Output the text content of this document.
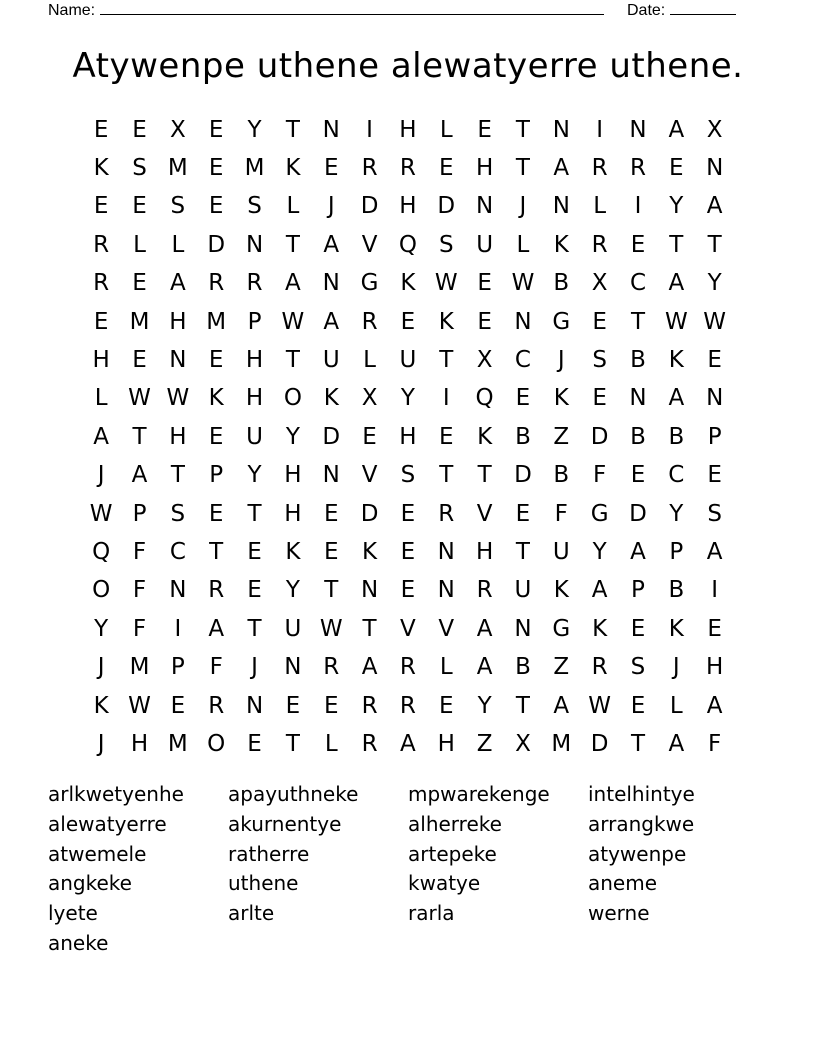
Name:	Date:
Atywenpe uthene alewatyerre uthene.
E	E	X	E	Y	T N	I	H	L	E	T N	I	N A X
K	S M E M K	E	R R	E H T	A R R	E N
E	E	S	E	S	L	J	D H D N	J	N	L	I	Y	A
R	L	L	D N T	A V Q S U	L	K R	E	T	T
R	E	A R R A N G K W E W B X C A	Y
E M H M P W A R	E	K	E N G E	T W W
H E N E H T U	L	U T	X C	J	S	B K	E
L W W K H O K X	Y	I	Q E	K	E N A N
A	T H E U Y D E H E	K B Z D B B	P
J	A	T	P	Y H N V	S	T	T D B	F	E	C	E
W P	S	E	T H E D E	R V	E	F G D Y	S
Q F	C	T	E	K	E	K	E N H T U Y	A	P	A
O F	N R	E	Y	T N E N R U K A	P	B	I
Y	F	I	A	T U W T	V V A N G K	E	K	E
J	M P	F	J	N R A R	L	A B Z R	S	J	H
K W E	R N E	E	R R	E	Y	T	A W E	L	A
J	H M O E	T	L	R A H Z X M D T	A	F
arlkwetyenhe	apayuthneke	mpwarekenge	intelhintye
alewatyerre	akurnentye	alherreke	arrangkwe
atwemele	ratherre	artepeke	atywenpe
angkeke	uthene	kwatye	aneme
lyete	arlte	rarla	werne
aneke
